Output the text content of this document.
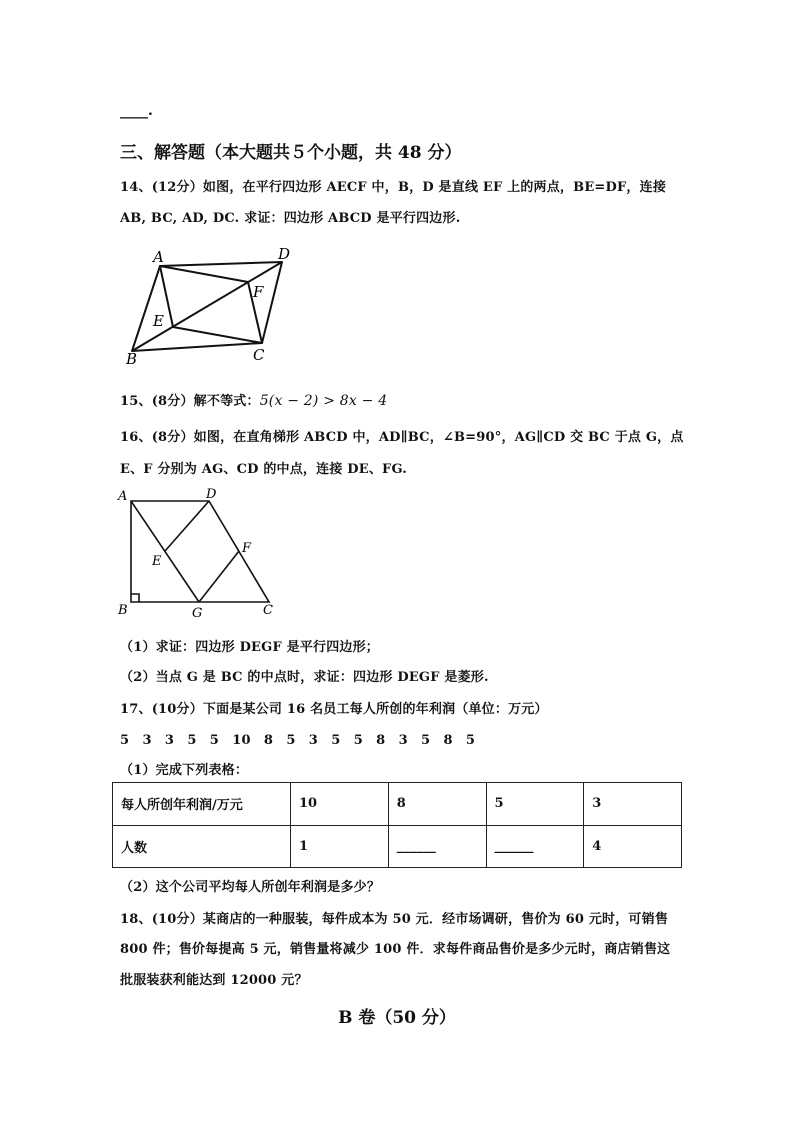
____.
三、解答题（本大题共５个小题，共 48 分）
14、(12分）如图，在平行四边形 AECF 中，B，D 是直线 EF 上的两点，BE=DF，连接
AB, BC, AD, DC. 求证：四边形 ABCD 是平行四边形.
A	D
F
E
B	C
15、(8分）解不等式：5(x − 2) > 8x − 4
16、(8分）如图，在直角梯形 ABCD 中，AD∥BC，∠B=90°，AG∥CD 交 BC 于点 G，点
E、F 分别为 AG、CD 的中点，连接 DE、FG.
A	D
F
E
B	G	C
（1）求证：四边形 DEGF 是平行四边形；
（2）当点 G 是 BC 的中点时，求证：四边形 DEGF 是菱形.
17、(10分）下面是某公司 16 名员工每人所创的年利润（单位：万元）
5　3　3　5　5　10　8　5　3　5　5　8　3　5　8　5
（1）完成下列表格：
每人所创年利润/万元	10	8	5	3
人数	1	______	______	4
（2）这个公司平均每人所创年利润是多少？
18、(10分）某商店的一种服装，每件成本为 50 元．经市场调研，售价为 60 元时，可销售
800 件；售价每提高 5 元，销售量将减少 100 件．求每件商品售价是多少元时，商店销售这
批服装获利能达到 12000 元？
B 卷（50 分）
